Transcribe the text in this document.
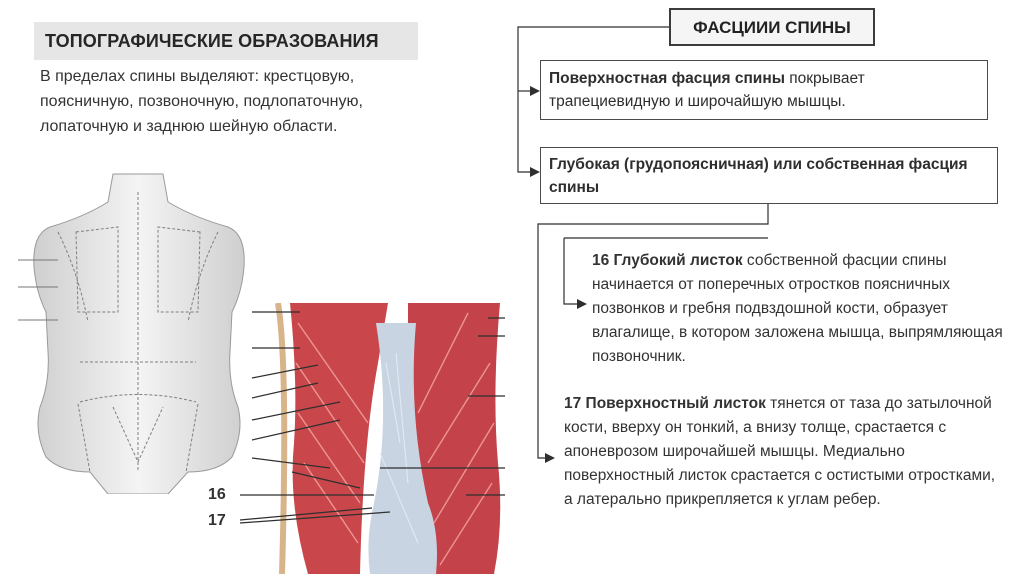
ТОПОГРАФИЧЕСКИЕ ОБРАЗОВАНИЯ
В пределах спины выделяют: крестцовую, поясничную, позвоночную, подлопаточную, лопаточную и заднюю шейную области.
16
17
ФАСЦИИИ СПИНЫ
Поверхностная фасция спины покрывает трапециевидную и широчайшую мышцы.
Глубокая (грудопоясничная) или собственная фасция спины
16 Глубокий листок собственной фасции спины начинается от поперечных отростков поясничных позвонков и гребня подвздошной кости, образует влагалище, в котором заложена мышца, выпрямляющая позвоночник.
17 Поверхностный листок тянется от таза до затылочной кости, вверху он тонкий, а внизу толще, срастается с апоневрозом широчайшей мышцы. Медиально поверхностный листок срастается с остистыми отростками, а латерально прикрепляется к углам ребер.
